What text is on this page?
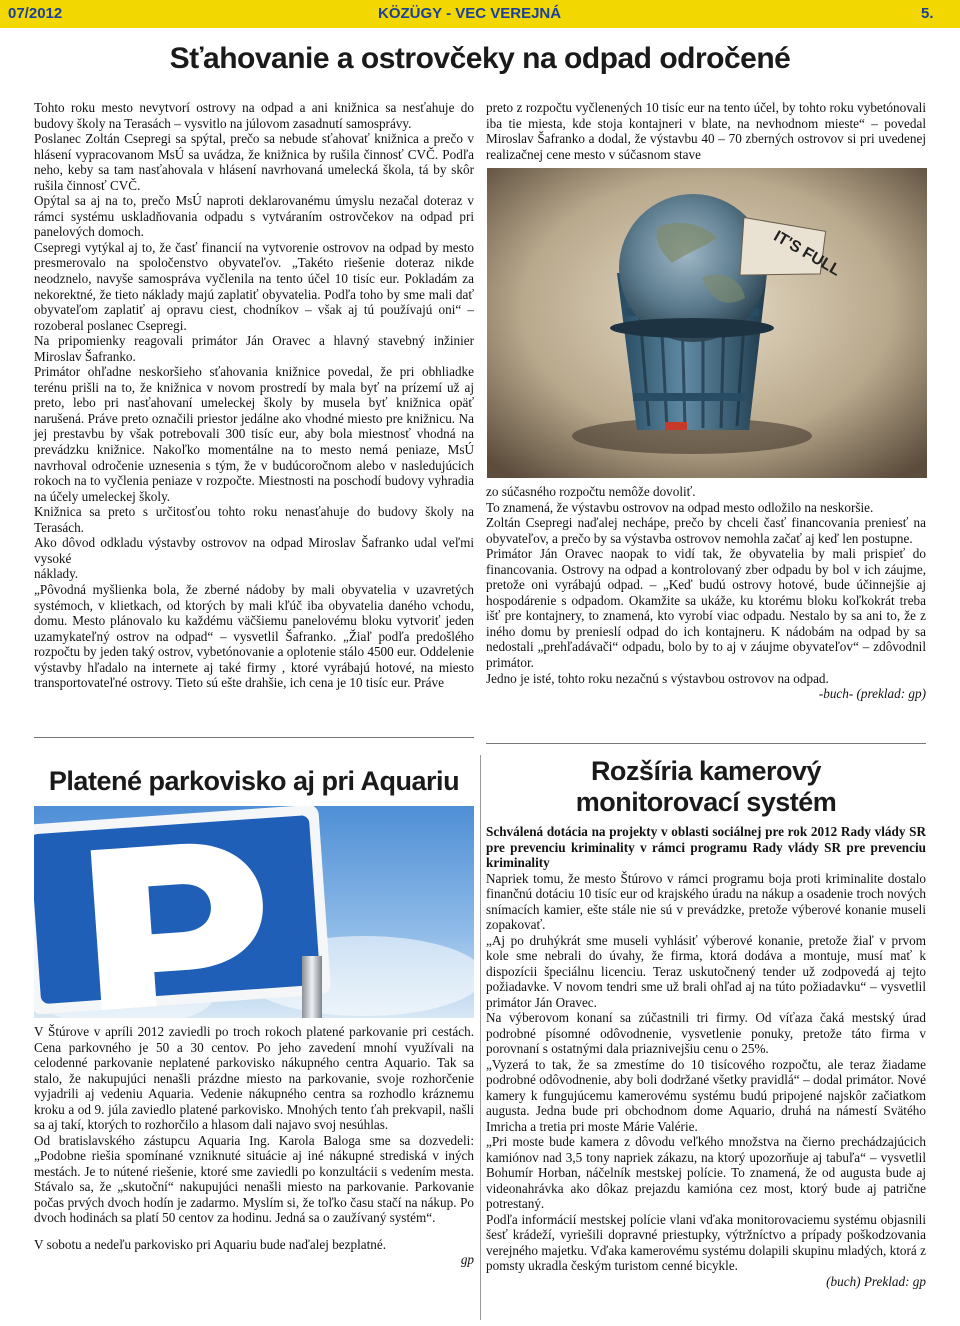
07/2012	KÖZÜGY - VEC VEREJNÁ	5.
Sťahovanie a ostrovčeky na odpad odročené

Tohto roku mesto nevytvorí ostrovy na odpad a ani knižnica sa nesťahuje do budovy školy na Terasách – vysvitlo na júlovom zasadnutí samosprávy.

Poslanec Zoltán Csepregi sa spýtal, prečo sa nebude sťahovať knižnica a prečo v hlásení vypracovanom MsÚ sa uvádza, že knižnica by rušila činnosť CVČ. Podľa neho, keby sa tam nasťahovala v hlásení navrhovaná umelecká škola, tá by skôr rušila činnosť CVČ.

Opýtal sa aj na to, prečo MsÚ naproti deklarovanému úmyslu nezačal doteraz v rámci systému uskladňovania odpadu s vytváraním ostrovčekov na odpad pri panelových domoch.

Csepregi vytýkal aj to, že časť financií na vytvorenie ostrovov na odpad by mesto presmerovalo na spoločenstvo obyvateľov. „Takéto riešenie doteraz nikde neodznelo, navyše samospráva vyčlenila na tento účel 10 tisíc eur. Pokladám za nekorektné, že tieto náklady majú zaplatiť obyvatelia. Podľa toho by sme mali dať obyvateľom zaplatiť aj opravu ciest, chodníkov – však aj tú používajú oni“ – rozoberal poslanec Csepregi.

Na pripomienky reagovali primátor Ján Oravec a hlavný stavebný inžinier Miroslav Šafranko.

Primátor ohľadne neskoršieho sťahovania knižnice povedal, že pri obhliadke terénu prišli na to, že knižnica v novom prostredí by mala byť na prízemí už aj preto, lebo pri nasťahovaní umeleckej školy by musela byť knižnica opäť narušená. Práve preto označili priestor jedálne ako vhodné miesto pre knižnicu. Na jej prestavbu by však potrebovali 300 tisíc eur, aby bola miestnosť vhodná na prevádzku knižnice. Nakoľko momentálne na to mesto nemá peniaze, MsÚ navrhoval odročenie uznesenia s tým, že v budúcoročnom alebo v nasledujúcich rokoch na to vyčlenia peniaze v rozpočte. Miestnosti na poschodí budovy vyhradia na účely umeleckej školy.

Knižnica sa preto s určitosťou tohto roku nenasťahuje do budovy školy na Terasách.

Ako dôvod odkladu výstavby ostrovov na odpad Miroslav Šafranko udal veľmi vysoké

náklady.

„Pôvodná myšlienka bola, že zberné nádoby by mali obyvatelia v uzavretých systémoch, v klietkach, od ktorých by mali kľúč iba obyvatelia daného vchodu, domu. Mesto plánovalo ku každému väčšiemu panelovému bloku vytvoriť jeden uzamykateľný ostrov na odpad“ – vysvetlil Šafranko. „Žiaľ podľa predošlého rozpočtu by jeden taký ostrov, vybetónovanie a oplotenie stálo 4500 eur. Oddelenie výstavby hľadalo na internete aj také firmy , ktoré vyrábajú hotové, na miesto transportovateľné ostrovy. Tieto sú ešte drahšie, ich cena je 10 tisíc eur. Práve

preto z rozpočtu vyčlenených 10 tisíc eur na tento účel, by tohto roku vybetónovali iba tie miesta, kde stoja kontajneri v blate, na nevhodnom mieste“ – povedal Miroslav Šafranko a dodal, že výstavbu 40 – 70 zberných ostrovov si pri uvedenej realizačnej cene mesto v súčasnom stave

IT'S FULL

zo súčasného rozpočtu nemôže dovoliť.

To znamená, že výstavbu ostrovov na odpad mesto odložilo na neskoršie.

Zoltán Csepregi naďalej nechápe, prečo by chceli časť financovania preniesť na obyvateľov, a prečo by sa výstavba ostrovov nemohla začať aj keď len postupne.

Primátor Ján Oravec naopak to vidí tak, že obyvatelia by mali prispieť do financovania. Ostrovy na odpad a kontrolovaný zber odpadu by bol v ich záujme, pretože oni vyrábajú odpad. – „Keď budú ostrovy hotové, bude účinnejšie aj hospodárenie s odpadom. Okamžite sa ukáže, ku ktorému bloku koľkokrát treba išť pre kontajnery, to znamená, kto vyrobí viac odpadu. Nestalo by sa ani to, že z iného domu by prenieslí odpad do ich kontajneru. K nádobám na odpad by sa nedostali „prehľadávači“ odpadu, bolo by to aj v záujme obyvateľov“ – zdôvodnil primátor.

Jedno je isté, tohto roku nezačnú s výstavbou ostrovov na odpad.

-buch- (preklad: gp)

Platené parkovisko aj pri Aquariu

V Štúrove v apríli 2012 zaviedli po troch rokoch platené parkovanie pri cestách. Cena parkovného je 50 a 30 centov. Po jeho zavedení mnohí využívali na celodenné parkovanie neplatené parkovisko nákupného centra Aquario. Tak sa stalo, že nakupujúci nenašli prázdne miesto na parkovanie, svoje rozhorčenie vyjadrili aj vedeniu Aquaria. Vedenie nákupného centra sa rozhodlo kráznemu kroku a od 9. júla zaviedlo platené parkovisko. Mnohých tento ťah prekvapil, našli sa aj takí, ktorých to rozhorčilo a hlasom dali najavo svoj nesúhlas.

Od bratislavského zástupcu Aquaria Ing. Karola Baloga sme sa dozvedeli: „Podobne riešia spomínané vzniknuté situácie aj iné nákupné strediská v iných mestách. Je to nútené riešenie, ktoré sme zaviedli po konzultácii s vedením mesta. Stávalo sa, že „skutoční“ nakupujúci nenašli miesto na parkovanie. Parkovanie počas prvých dvoch hodín je zadarmo. Myslím si, že toľko času stačí na nákup. Po dvoch hodinách sa platí 50 centov za hodinu. Jedná sa o zaužívaný systém“.

V sobotu a nedeľu parkovisko pri Aquariu bude naďalej bezplatné.

gp

Rozšíria kamerový
monitorovací systém

Schválená dotácia na projekty v oblasti sociálnej pre rok 2012 Rady vlády SR pre prevenciu kriminality v rámci programu Rady vlády SR pre prevenciu kriminality

Napriek tomu, že mesto Štúrovo v rámci programu boja proti kriminalite dostalo finančnú dotáciu 10 tisíc eur od krajského úradu na nákup a osadenie troch nových snímacích kamier, ešte stále nie sú v prevádzke, pretože výberové konanie museli zopakovať.

„Aj po druhýkrát sme museli vyhlásiť výberové konanie, pretože žiaľ v prvom kole sme nebrali do úvahy, že firma, ktorá dodáva a montuje, musí mať k dispozícii špeciálnu licenciu. Teraz uskutočnený tender už zodpovedá aj tejto požiadavke. V novom tendri sme už brali ohľad aj na túto požiadavku“ – vysvetlil primátor Ján Oravec.

Na výberovom konaní sa zúčastnili tri firmy. Od víťaza čaká mestský úrad podrobné písomné odôvodnenie, vysvetlenie ponuky, pretože táto firma v porovnaní s ostatnými dala priaznivejšiu cenu o 25%.

„Vyzerá to tak, že sa zmestíme do 10 tisícového rozpočtu, ale teraz žiadame podrobné odôvodnenie, aby boli dodržané všetky pravidlá“ – dodal primátor. Nové kamery k fungujúcemu kamerovému systému budú pripojené najskôr začiatkom augusta. Jedna bude pri obchodnom dome Aquario, druhá na námestí Svätého Imricha a tretia pri moste Márie Valérie.

„Pri moste bude kamera z dôvodu veľkého množstva na čierno prechádzajúcich kamiónov nad 3,5 tony napriek zákazu, na ktorý upozorňuje aj tabuľa“ – vysvetlil Bohumír Horban, náčelník mestskej polície. To znamená, že od augusta bude aj videonahrávka ako dôkaz prejazdu kamióna cez most, ktorý bude aj patrične potrestaný.

Podľa informácií mestskej polície vlani vďaka monitorovaciemu systému objasnili šesť krádeží, vyriešili dopravné priestupky, výtržníctvo a prípady poškodzovania verejného majetku. Vďaka kamerovému systému dolapili skupinu mladých, ktorá z pomsty ukradla českým turistom cenné bicykle.

(buch) Preklad: gp
